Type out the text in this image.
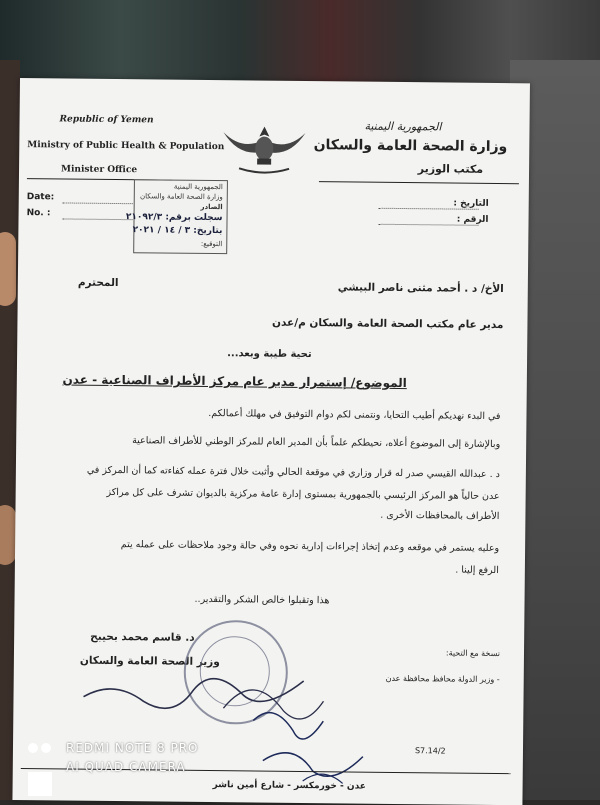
Republic of Yemen
Ministry of Public Health & Population
Minister Office
الجمهورية اليمنية
وزارة الصحة العامة والسكان
مكتب الوزير
Date:
No. :
التاريخ :
الرقم :
الجمهورية اليمنية
وزارة الصحة العامة والسكان
الصادر
سجلت برقم: ٢١٠٩٢/٣
بتاريخ: ٣ / ١٤ / ٢٠٢١
التوقيع:
الأخ/ د . أحمد مثنى ناصر البيشي
المحترم
مدير عام مكتب الصحة العامة والسكان م/عدن
تحية طيبة وبعد...
الموضوع/ إستمرار مدير عام مركز الأطراف الصناعية - عدن
في البدء نهديكم أطيب التحايا، ونتمنى لكم دوام التوفيق في مهلك أعمالكم.
وبالإشارة إلى الموضوع أعلاه، نحيطكم علماً بأن المدير العام للمركز الوطني للأطراف الصناعية
د . عبدالله القيسي صدر له قرار وزاري في موقعة الحالي وأثبت خلال فترة عمله كفاءته كما أن المركز في
عدن حالياً هو المركز الرئيسي بالجمهورية بمستوى إدارة عامة مركزية بالديوان تشرف على كل مراكز
الأطراف بالمحافظات الأخرى .
وعليه يستمر في موقعه وعدم إتخاذ إجراءات إدارية نحوه وفي حالة وجود ملاحظات على عمله يتم
الرفع إلينا .
هذا وتقبلوا خالص الشكر والتقدير..
د. قاسم محمد بحيبح
وزير الصحة العامة والسكان
نسخة مع التحية:
- وزير الدولة محافظ محافظة عدن
S7.14/2
عدن - خورمكسر - شارع أمين ناشر
REDMI NOTE 8 PRO
AI QUAD CAMERA
